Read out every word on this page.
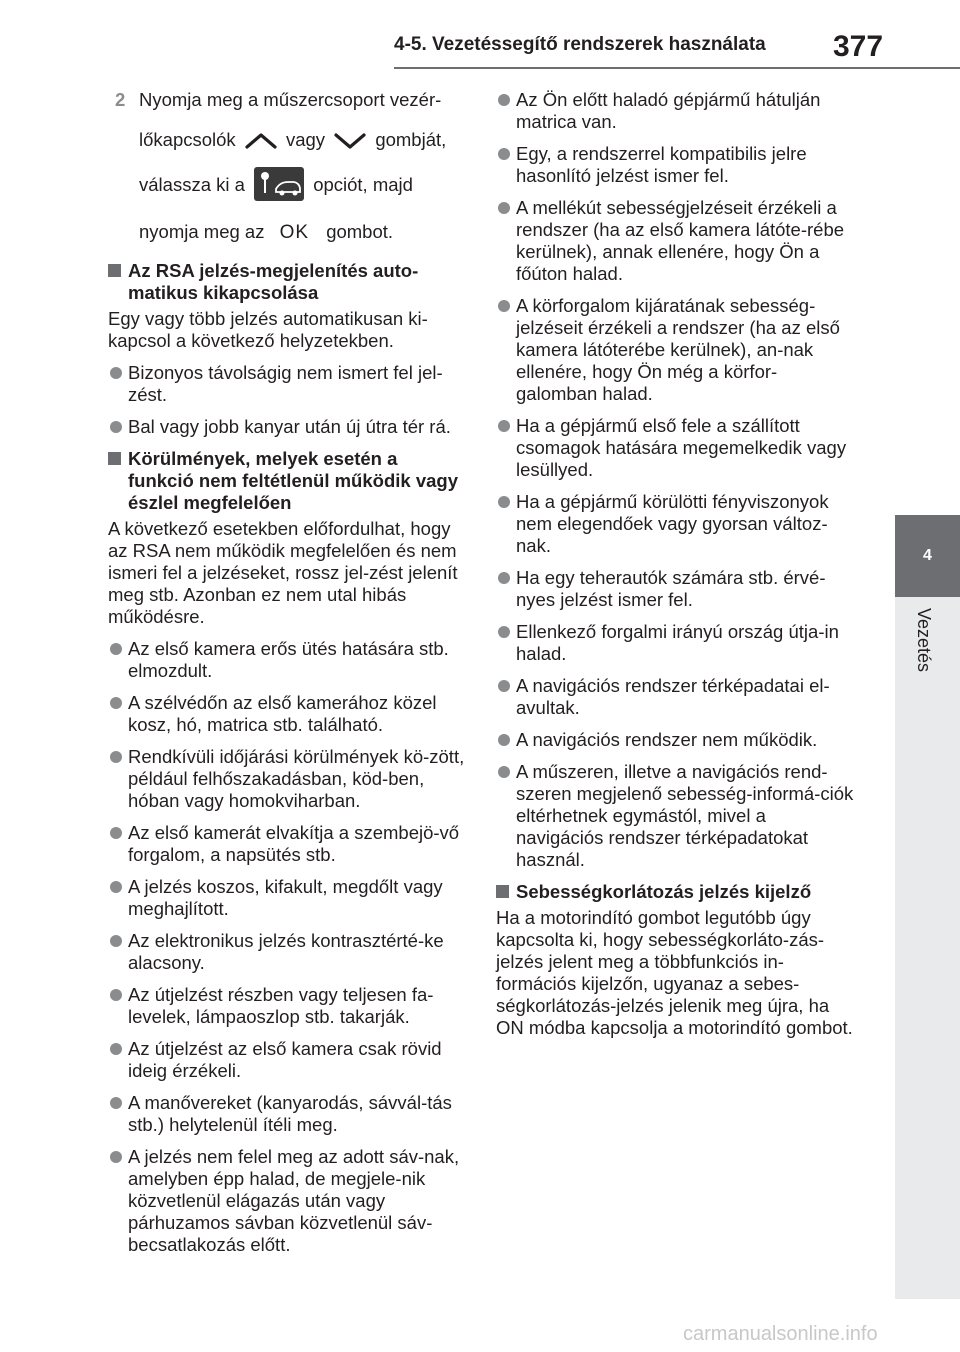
4-5. Vezetéssegítő rendszerek használata 377
4
Vezetés
2 Nyomja meg a műszercsoport vezér-
lőkapcsolók	vagy	gombját,
válassza ki a	opciót, majd
nyomja meg az OK gombot.
Az RSA jelzés-megjelenítés auto-matikus kikapcsolása
Egy vagy több jelzés automatikusan ki-kapcsol a következő helyzetekben.
Bizonyos távolságig nem ismert fel jel-zést.
Bal vagy jobb kanyar után új útra tér rá.
Körülmények, melyek esetén a funkció nem feltétlenül működik vagy észlel megfelelően
A következő esetekben előfordulhat, hogy az RSA nem működik megfelelően és nem ismeri fel a jelzéseket, rossz jel-zést jelenít meg stb. Azonban ez nem utal hibás működésre.
Az első kamera erős ütés hatására stb. elmozdult.
A szélvédőn az első kamerához közel kosz, hó, matrica stb. található.
Rendkívüli időjárási körülmények kö-zött, például felhőszakadásban, köd-ben, hóban vagy homokviharban.
Az első kamerát elvakítja a szembejö-vő forgalom, a napsütés stb.
A jelzés koszos, kifakult, megdőlt vagy meghajlított.
Az elektronikus jelzés kontrasztérté-ke alacsony.
Az útjelzést részben vagy teljesen fa-levelek, lámpaoszlop stb. takarják.
Az útjelzést az első kamera csak rövid ideig érzékeli.
A manővereket (kanyarodás, sávvál-tás stb.) helytelenül ítéli meg.
A jelzés nem felel meg az adott sáv-nak, amelyben épp halad, de megjele-nik közvetlenül elágazás után vagy párhuzamos sávban közvetlenül sáv-becsatlakozás előtt.
Az Ön előtt haladó gépjármű hátulján matrica van.
Egy, a rendszerrel kompatibilis jelre hasonlító jelzést ismer fel.
A mellékút sebességjelzéseit érzékeli a rendszer (ha az első kamera látóte-rébe kerülnek), annak ellenére, hogy Ön a főúton halad.
A körforgalom kijáratának sebesség-jelzéseit érzékeli a rendszer (ha az első kamera látóterébe kerülnek), an-nak ellenére, hogy Ön még a körfor-galomban halad.
Ha a gépjármű első fele a szállított csomagok hatására megemelkedik vagy lesüllyed.
Ha a gépjármű körülötti fényviszonyok nem elegendőek vagy gyorsan változ-nak.
Ha egy teherautók számára stb. érvé-nyes jelzést ismer fel.
Ellenkező forgalmi irányú ország útja-in halad.
A navigációs rendszer térképadatai el-avultak.
A navigációs rendszer nem működik.
A műszeren, illetve a navigációs rend-szeren megjelenő sebesség-informá-ciók eltérhetnek egymástól, mivel a navigációs rendszer térképadatokat használ.
Sebességkorlátozás jelzés kijelző
Ha a motorindító gombot legutóbb úgy kapcsolta ki, hogy sebességkorláto-zás-jelzés jelent meg a többfunkciós in-formációs kijelzőn, ugyanaz a sebes-ségkorlátozás-jelzés jelenik meg újra, ha ON módba kapcsolja a motorindító gombot.
carmanualsonline.info
